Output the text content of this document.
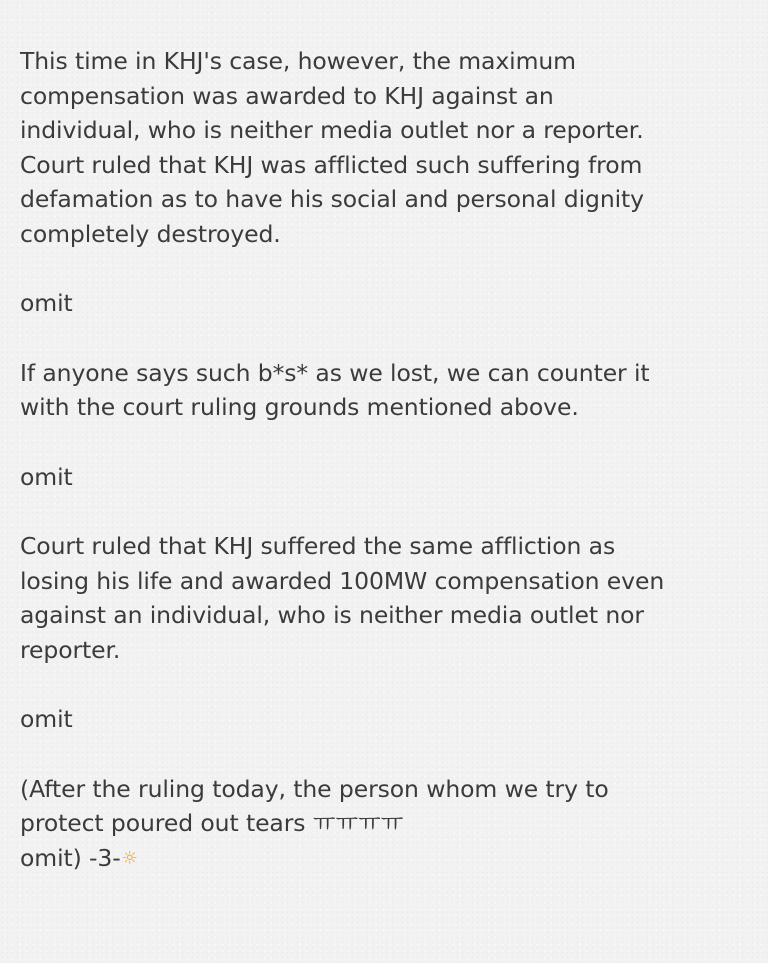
This time in KHJ's case, however, the maximum
compensation was awarded to KHJ against an
individual, who is neither media outlet nor a reporter.
Court ruled that KHJ was afflicted such suffering from
defamation as to have his social and personal dignity
completely destroyed.

omit

If anyone says such b*s* as we lost, we can counter it
with the court ruling grounds mentioned above.

omit

Court ruled that KHJ suffered the same affliction as
losing his life and awarded 100MW compensation even
against an individual, who is neither media outlet nor
reporter.

omit

(After the ruling today, the person whom we try to
protect poured out tears ㅠㅠㅠㅠ
omit) -3-☼
